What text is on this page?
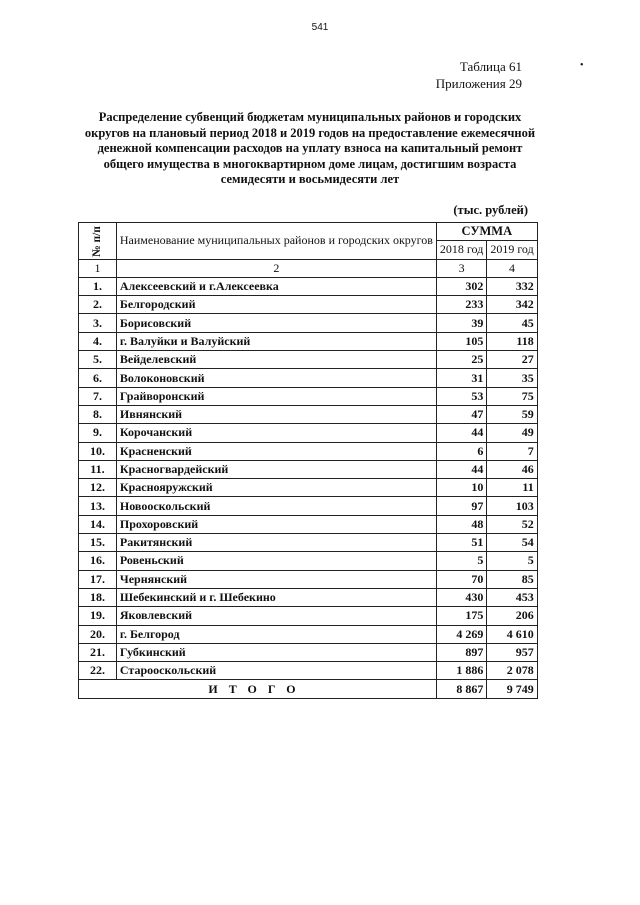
541
•
Таблица 61
Приложения 29
Распределение субвенций бюджетам муниципальных районов и городских
округов на плановый период 2018 и 2019 годов на предоставление ежемесячной
денежной компенсации расходов на уплату взноса на капитальный ремонт
общего имущества в многоквартирном доме лицам, достигшим возраста
семидесяти и восьмидесяти лет
(тыс. рублей)
№ п/п	Наименование муниципальных районов и городских округов	СУММА	
		2018 год	2019 год
1	2	3	4
1.	Алексеевский и г.Алексеевка	302	332
2.	Белгородский	233	342
3.	Борисовский	39	45
4.	г. Валуйки и Валуйский	105	118
5.	Вейделевский	25	27
6.	Волоконовский	31	35
7.	Грайворонский	53	75
8.	Ивнянский	47	59
9.	Корочанский	44	49
10.	Красненский	6	7
11.	Красногвардейский	44	46
12.	Краснояружский	10	11
13.	Новооскольский	97	103
14.	Прохоровский	48	52
15.	Ракитянский	51	54
16.	Ровеньский	5	5
17.	Чернянский	70	85
18.	Шебекинский и г. Шебекино	430	453
19.	Яковлевский	175	206
20.	г. Белгород	4 269	4 610
21.	Губкинский	897	957
22.	Старооскольский	1 886	2 078
ИТОГО		8 867	9 749
